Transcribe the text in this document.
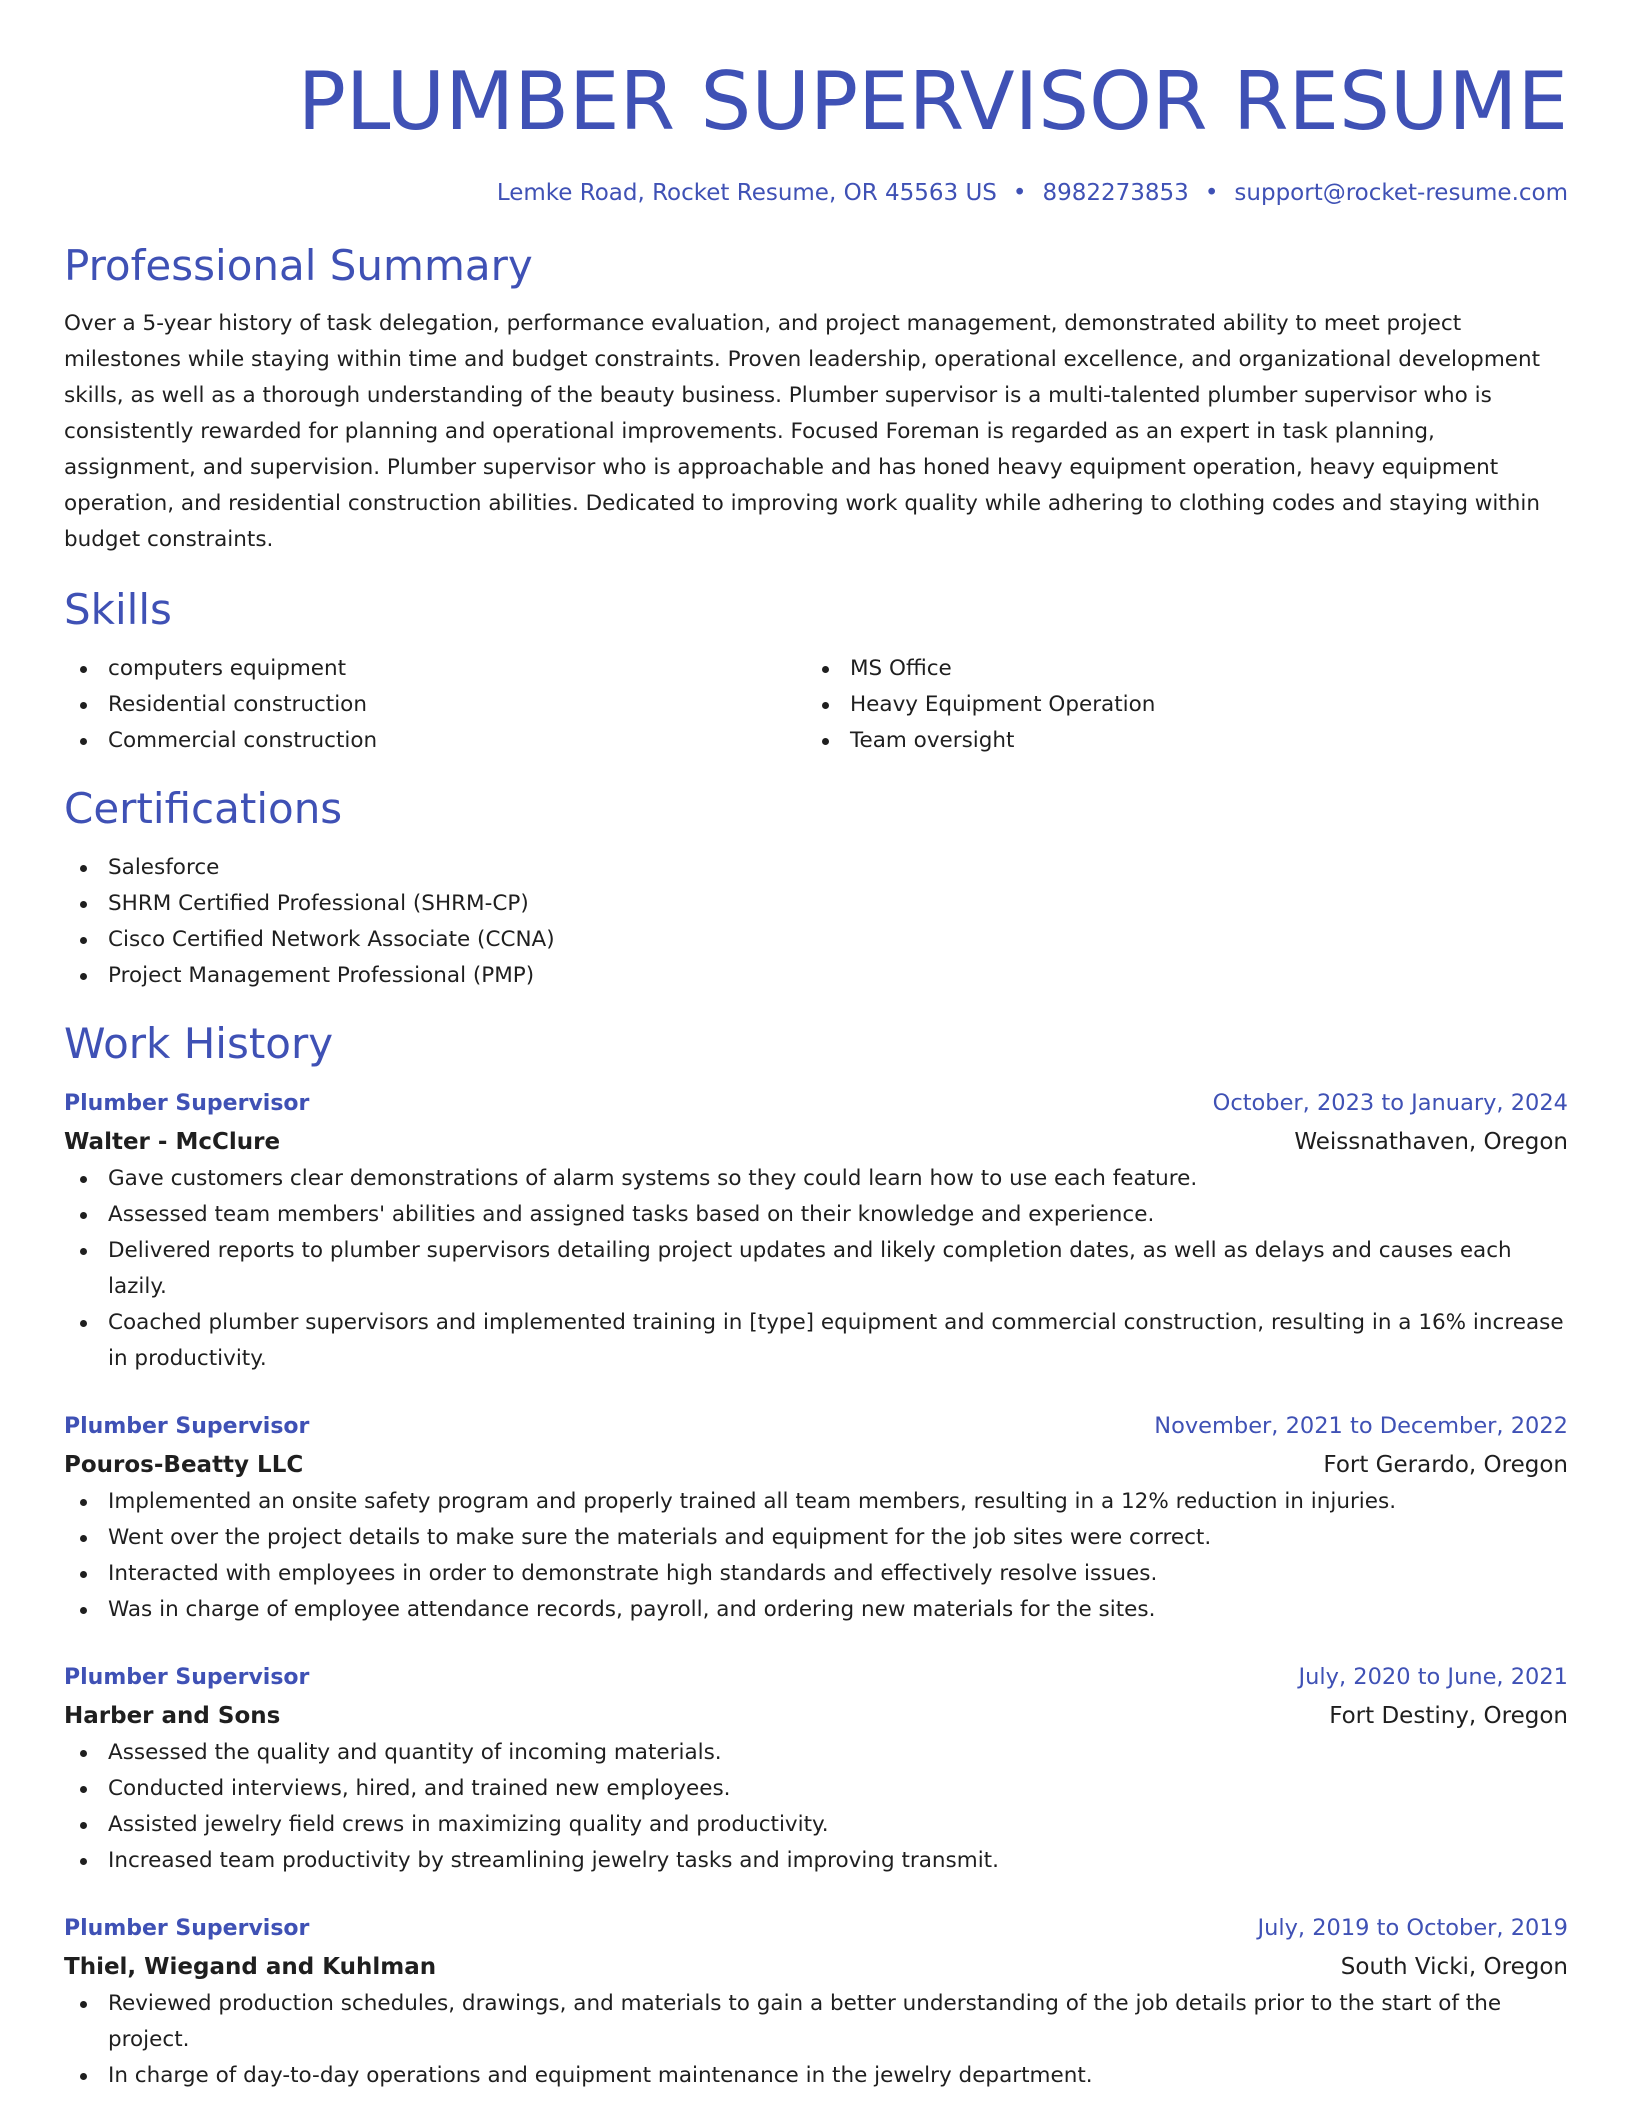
PLUMBER SUPERVISOR RESUME
Lemke Road, Rocket Resume, OR 45563 US • 8982273853 • support@rocket-resume.com
Professional Summary

Over a 5-year history of task delegation, performance evaluation, and project management, demonstrated ability to meet project milestones while staying within time and budget constraints. Proven leadership, operational excellence, and organizational development skills, as well as a thorough understanding of the beauty business. Plumber supervisor is a multi-talented plumber supervisor who is consistently rewarded for planning and operational improvements. Focused Foreman is regarded as an expert in task planning, assignment, and supervision. Plumber supervisor who is approachable and has honed heavy equipment operation, heavy equipment operation, and residential construction abilities. Dedicated to improving work quality while adhering to clothing codes and staying within budget constraints.

Skills
computers equipment
Residential construction
Commercial construction
MS Office
Heavy Equipment Operation
Team oversight
Certifications
Salesforce
SHRM Certified Professional (SHRM-CP)
Cisco Certified Network Associate (CCNA)
Project Management Professional (PMP)
Work History
Plumber Supervisor	October, 2023 to January, 2024
Walter - McClure	Weissnathaven, Oregon
Gave customers clear demonstrations of alarm systems so they could learn how to use each feature.
Assessed team members' abilities and assigned tasks based on their knowledge and experience.
Delivered reports to plumber supervisors detailing project updates and likely completion dates, as well as delays and causes each lazily.
Coached plumber supervisors and implemented training in [type] equipment and commercial construction, resulting in a 16% increase in productivity.
Plumber Supervisor	November, 2021 to December, 2022
Pouros-Beatty LLC	Fort Gerardo, Oregon
Implemented an onsite safety program and properly trained all team members, resulting in a 12% reduction in injuries.
Went over the project details to make sure the materials and equipment for the job sites were correct.
Interacted with employees in order to demonstrate high standards and effectively resolve issues.
Was in charge of employee attendance records, payroll, and ordering new materials for the sites.
Plumber Supervisor	July, 2020 to June, 2021
Harber and Sons	Fort Destiny, Oregon
Assessed the quality and quantity of incoming materials.
Conducted interviews, hired, and trained new employees.
Assisted jewelry field crews in maximizing quality and productivity.
Increased team productivity by streamlining jewelry tasks and improving transmit.
Plumber Supervisor	July, 2019 to October, 2019
Thiel, Wiegand and Kuhlman	South Vicki, Oregon
Reviewed production schedules, drawings, and materials to gain a better understanding of the job details prior to the start of the project.
In charge of day-to-day operations and equipment maintenance in the jewelry department.
